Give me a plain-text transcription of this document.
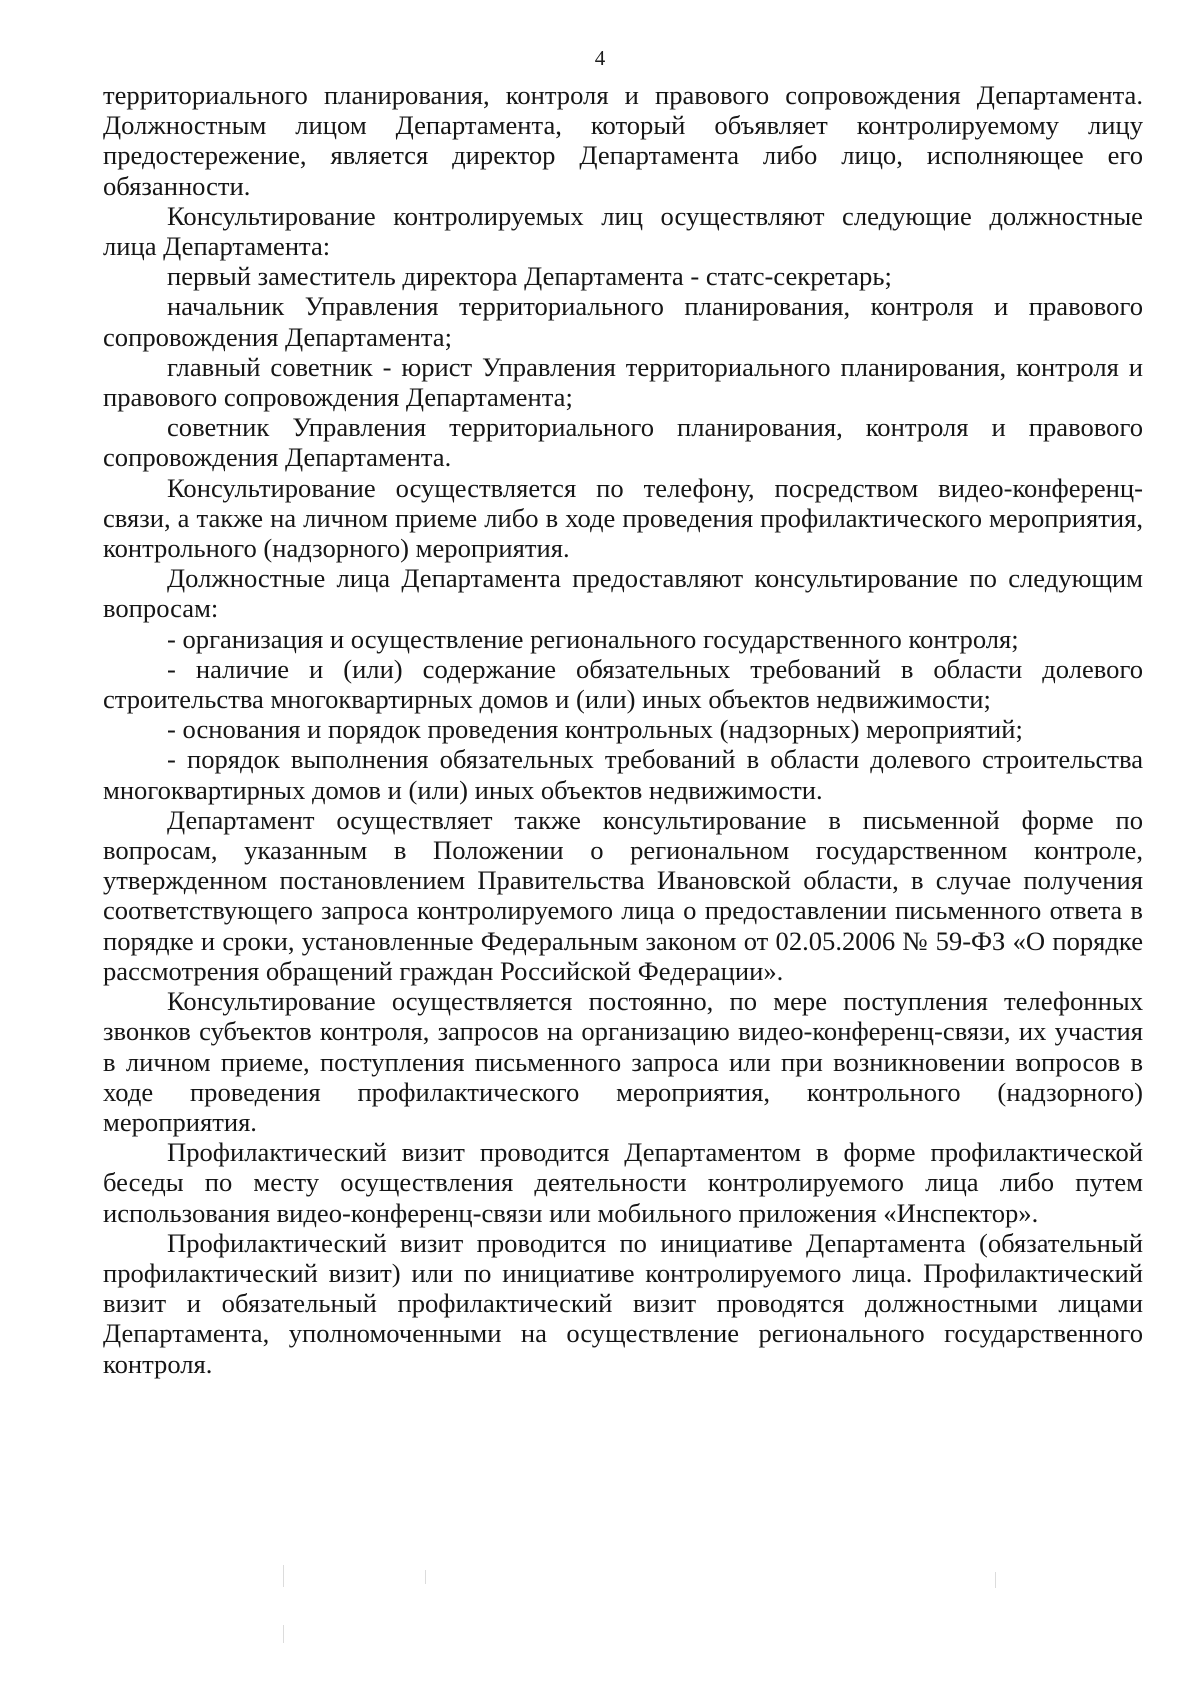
4

территориального планирования, контроля и правового сопровождения Департамента. Должностным лицом Департамента, который объявляет контролируемому лицу предостережение, является директор Департамента либо лицо, исполняющее его обязанности.

Консультирование контролируемых лиц осуществляют следующие должностные лица Департамента:

первый заместитель директора Департамента - статс-секретарь;

начальник Управления территориального планирования, контроля и правового сопровождения Департамента;

главный советник - юрист Управления территориального планирования, контроля и правового сопровождения Департамента;

советник Управления территориального планирования, контроля и правового сопровождения Департамента.

Консультирование осуществляется по телефону, посредством видео-конференц-связи, а также на личном приеме либо в ходе проведения профилактического мероприятия, контрольного (надзорного) мероприятия.

Должностные лица Департамента предоставляют консультирование по следующим вопросам:

- организация и осуществление регионального государственного контроля;

- наличие и (или) содержание обязательных требований в области долевого строительства многоквартирных домов и (или) иных объектов недвижимости;

- основания и порядок проведения контрольных (надзорных) мероприятий;

- порядок выполнения обязательных требований в области долевого строительства многоквартирных домов и (или) иных объектов недвижимости.

Департамент осуществляет также консультирование в письменной форме по вопросам, указанным в Положении о региональном государственном контроле, утвержденном постановлением Правительства Ивановской области, в случае получения соответствующего запроса контролируемого лица о предоставлении письменного ответа в порядке и сроки, установленные Федеральным законом от 02.05.2006 № 59-ФЗ «О порядке рассмотрения обращений граждан Российской Федерации».

Консультирование осуществляется постоянно, по мере поступления телефонных звонков субъектов контроля, запросов на организацию видео-конференц-связи, их участия в личном приеме, поступления письменного запроса или при возникновении вопросов в ходе проведения профилактического мероприятия, контрольного (надзорного) мероприятия.

Профилактический визит проводится Департаментом в форме профилактической беседы по месту осуществления деятельности контролируемого лица либо путем использования видео-конференц-связи или мобильного приложения «Инспектор».

Профилактический визит проводится по инициативе Департамента (обязательный профилактический визит) или по инициативе контролируемого лица. Профилактический визит и обязательный профилактический визит проводятся должностными лицами Департамента, уполномоченными на осуществление регионального государственного контроля.
